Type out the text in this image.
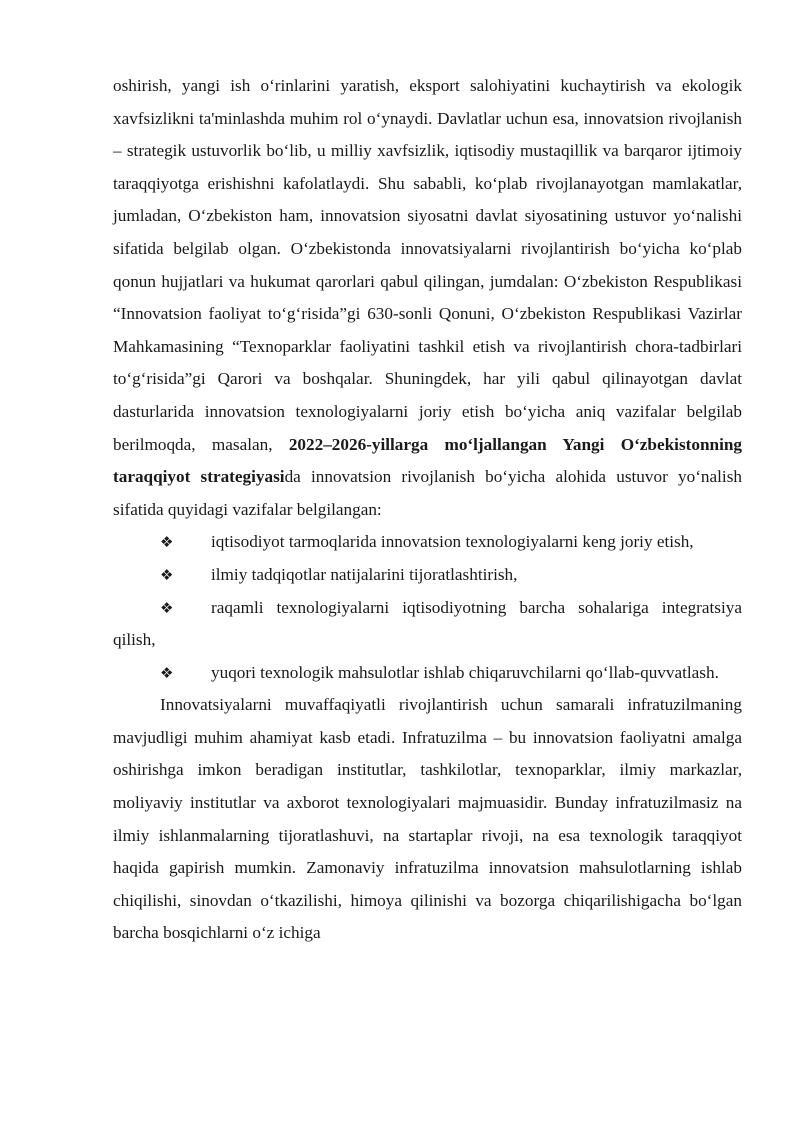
oshirish, yangi ish o‘rinlarini yaratish, eksport salohiyatini kuchaytirish va ekologik xavfsizlikni ta'minlashda muhim rol o‘ynaydi. Davlatlar uchun esa, innovatsion rivojlanish – strategik ustuvorlik bo‘lib, u milliy xavfsizlik, iqtisodiy mustaqillik va barqaror ijtimoiy taraqqiyotga erishishni kafolatlaydi. Shu sababli, ko‘plab rivojlanayotgan mamlakatlar, jumladan, O‘zbekiston ham, innovatsion siyosatni davlat siyosatining ustuvor yo‘nalishi sifatida belgilab olgan. O‘zbekistonda innovatsiyalarni rivojlantirish bo‘yicha ko‘plab qonun hujjatlari va hukumat qarorlari qabul qilingan, jumdalan: O‘zbekiston Respublikasi “Innovatsion faoliyat to‘g‘risida”gi 630-sonli Qonuni, O‘zbekiston Respublikasi Vazirlar Mahkamasining “Texnoparklar faoliyatini tashkil etish va rivojlantirish chora-tadbirlari to‘g‘risida”gi Qarori va boshqalar. Shuningdek, har yili qabul qilinayotgan davlat dasturlarida innovatsion texnologiyalarni joriy etish bo‘yicha aniq vazifalar belgilab berilmoqda, masalan, 2022–2026-yillarga mo‘ljallangan Yangi O‘zbekistonning taraqqiyot strategiyasida innovatsion rivojlanish bo‘yicha alohida ustuvor yo‘nalish sifatida quyidagi vazifalar belgilangan:

❖ iqtisodiyot tarmoqlarida innovatsion texnologiyalarni keng joriy etish,
❖ ilmiy tadqiqotlar natijalarini tijoratlashtirish,
❖ raqamli texnologiyalarni iqtisodiyotning barcha sohalariga integratsiya qilish,
❖ yuqori texnologik mahsulotlar ishlab chiqaruvchilarni qo‘llab-quvvatlash.

Innovatsiyalarni muvaffaqiyatli rivojlantirish uchun samarali infratuzilmaning mavjudligi muhim ahamiyat kasb etadi. Infratuzilma – bu innovatsion faoliyatni amalga oshirishga imkon beradigan institutlar, tashkilotlar, texnoparklar, ilmiy markazlar, moliyaviy institutlar va axborot texnologiyalari majmuasidir. Bunday infratuzilmasiz na ilmiy ishlanmalarning tijoratlashuvi, na startaplar rivoji, na esa texnologik taraqqiyot haqida gapirish mumkin. Zamonaviy infratuzilma innovatsion mahsulotlarning ishlab chiqilishi, sinovdan o‘tkazilishi, himoya qilinishi va bozorga chiqarilishigacha bo‘lgan barcha bosqichlarni o‘z ichiga
